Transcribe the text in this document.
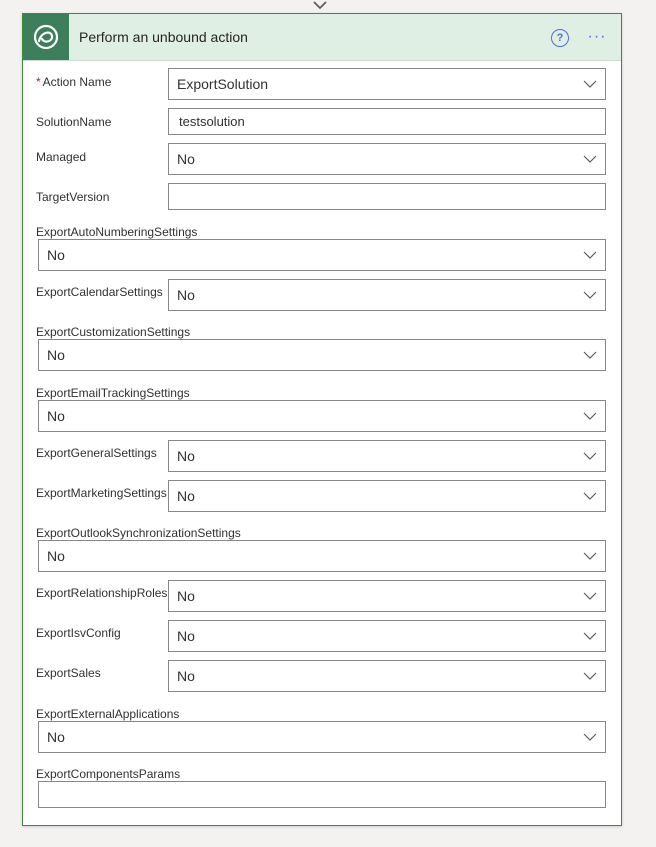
Perform an unbound action	?	···
* Action Name	ExportSolution
SolutionName	testsolution
Managed	No
TargetVersion
ExportAutoNumberingSettings
No
ExportCalendarSettings No
ExportCustomizationSettings
No
ExportEmailTrackingSettings
No
ExportGeneralSettings No
ExportMarketingSettings No
ExportOutlookSynchronizationSettings
No
ExportRelationshipRoles No
ExportIsvConfig	No
ExportSales	No
ExportExternalApplications
No
ExportComponentsParams
